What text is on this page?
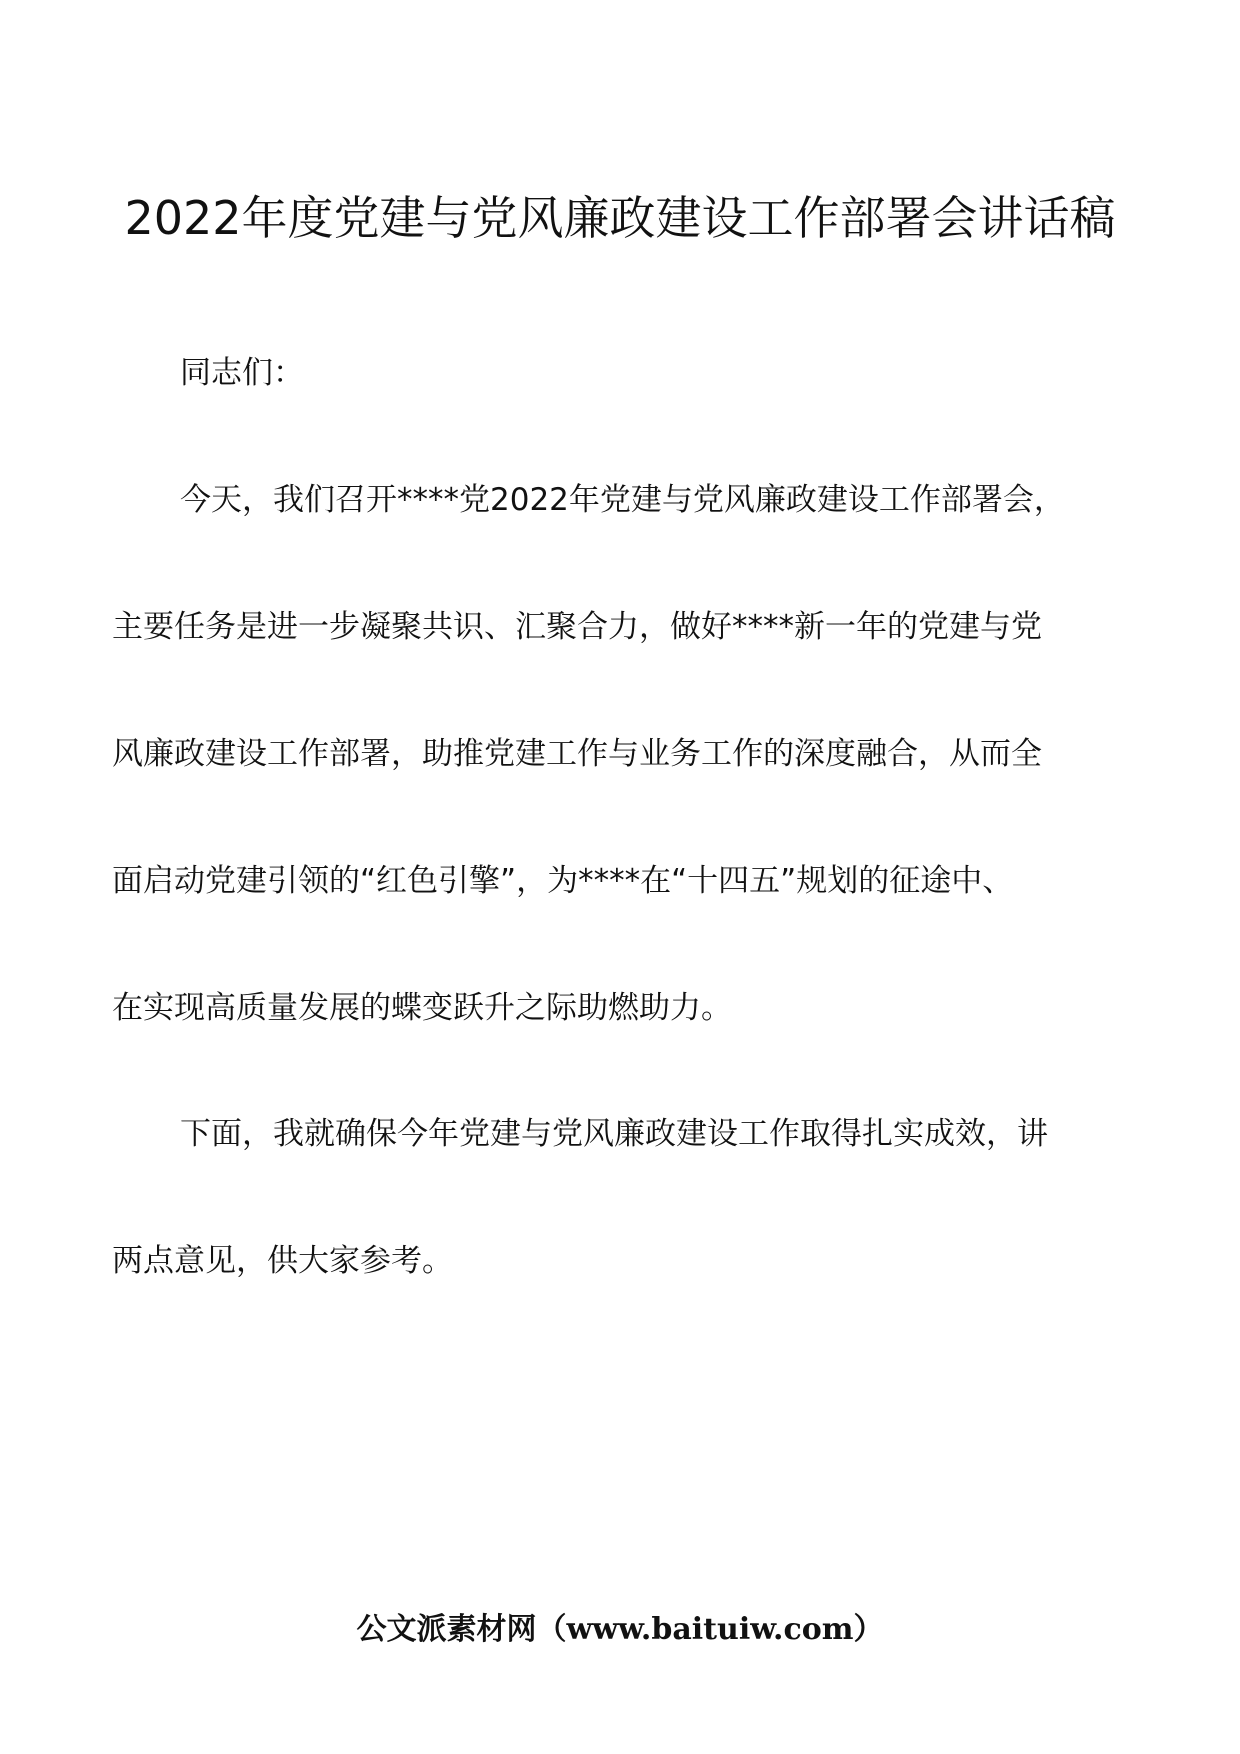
2022年度党建与党风廉政建设工作部署会讲话稿
同志们：
今天，我们召开****党2022年党建与党风廉政建设工作部署会，
主要任务是进一步凝聚共识、汇聚合力，做好****新一年的党建与党
风廉政建设工作部署，助推党建工作与业务工作的深度融合，从而全
面启动党建引领的“红色引擎”，为****在“十四五”规划的征途中、
在实现高质量发展的蝶变跃升之际助燃助力。
下面，我就确保今年党建与党风廉政建设工作取得扎实成效，讲
两点意见，供大家参考。
公文派素材网（www.baituiw.com）
